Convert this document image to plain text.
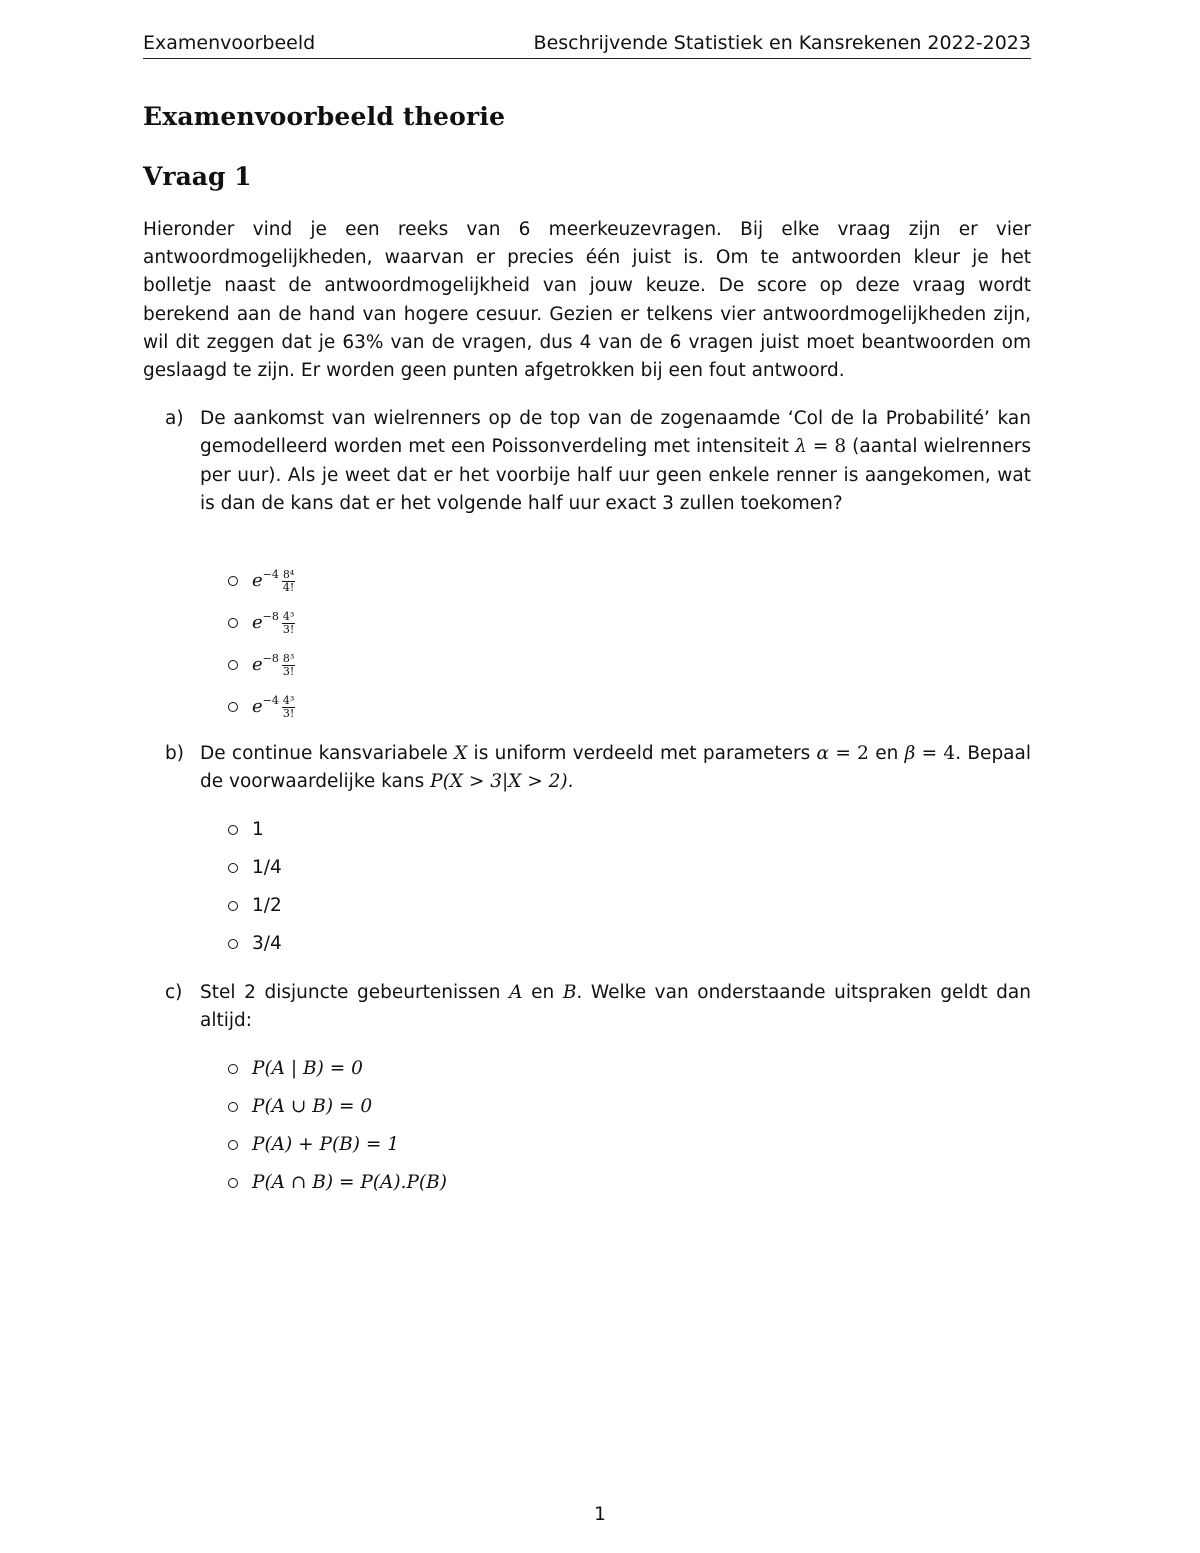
Examenvoorbeeld	Beschrijvende Statistiek en Kansrekenen 2022-2023
Examenvoorbeeld theorie
Vraag 1

Hieronder vind je een reeks van 6 meerkeuzevragen. Bij elke vraag zijn er vier antwoordmogelijkheden, waarvan er precies één juist is. Om te antwoorden kleur je het bolletje naast de antwoordmogelijkheid van jouw keuze. De score op deze vraag wordt berekend aan de hand van hogere cesuur. Gezien er telkens vier antwoordmogelijkheden zijn, wil dit zeggen dat je 63% van de vragen, dus 4 van de 6 vragen juist moet beantwoorden om geslaagd te zijn. Er worden geen punten afgetrokken bij een fout antwoord.

a) De aankomst van wielrenners op de top van de zogenaamde ‘Col de la Probabilité’ kan gemodelleerd worden met een Poissonverdeling met intensiteit λ = 8 (aantal wielrenners per uur). Als je weet dat er het voorbije half uur geen enkele renner is aangekomen, wat is dan de kans dat er het volgende half uur exact 3 zullen toekomen?
$e^{-4} \frac{\text{8⁴}}{4!}$
$e^{-8} \frac{\text{4³}}{3!}$
$e^{-8} \frac{\text{8³}}{3!}$
$e^{-4} \frac{\text{4³}}{3!}$
b) De continue kansvariabele X is uniform verdeeld met parameters α = 2 en β = 4. Bepaal de voorwaardelijke kans P(X > 3|X > 2).
1
1/4
1/2
3/4
c) Stel 2 disjuncte gebeurtenissen A en B. Welke van onderstaande uitspraken geldt dan altijd:
P(A | B) = 0
P(A ∪ B) = 0
P(A) + P(B) = 1
P(A ∩ B) = P(A).P(B)
1
